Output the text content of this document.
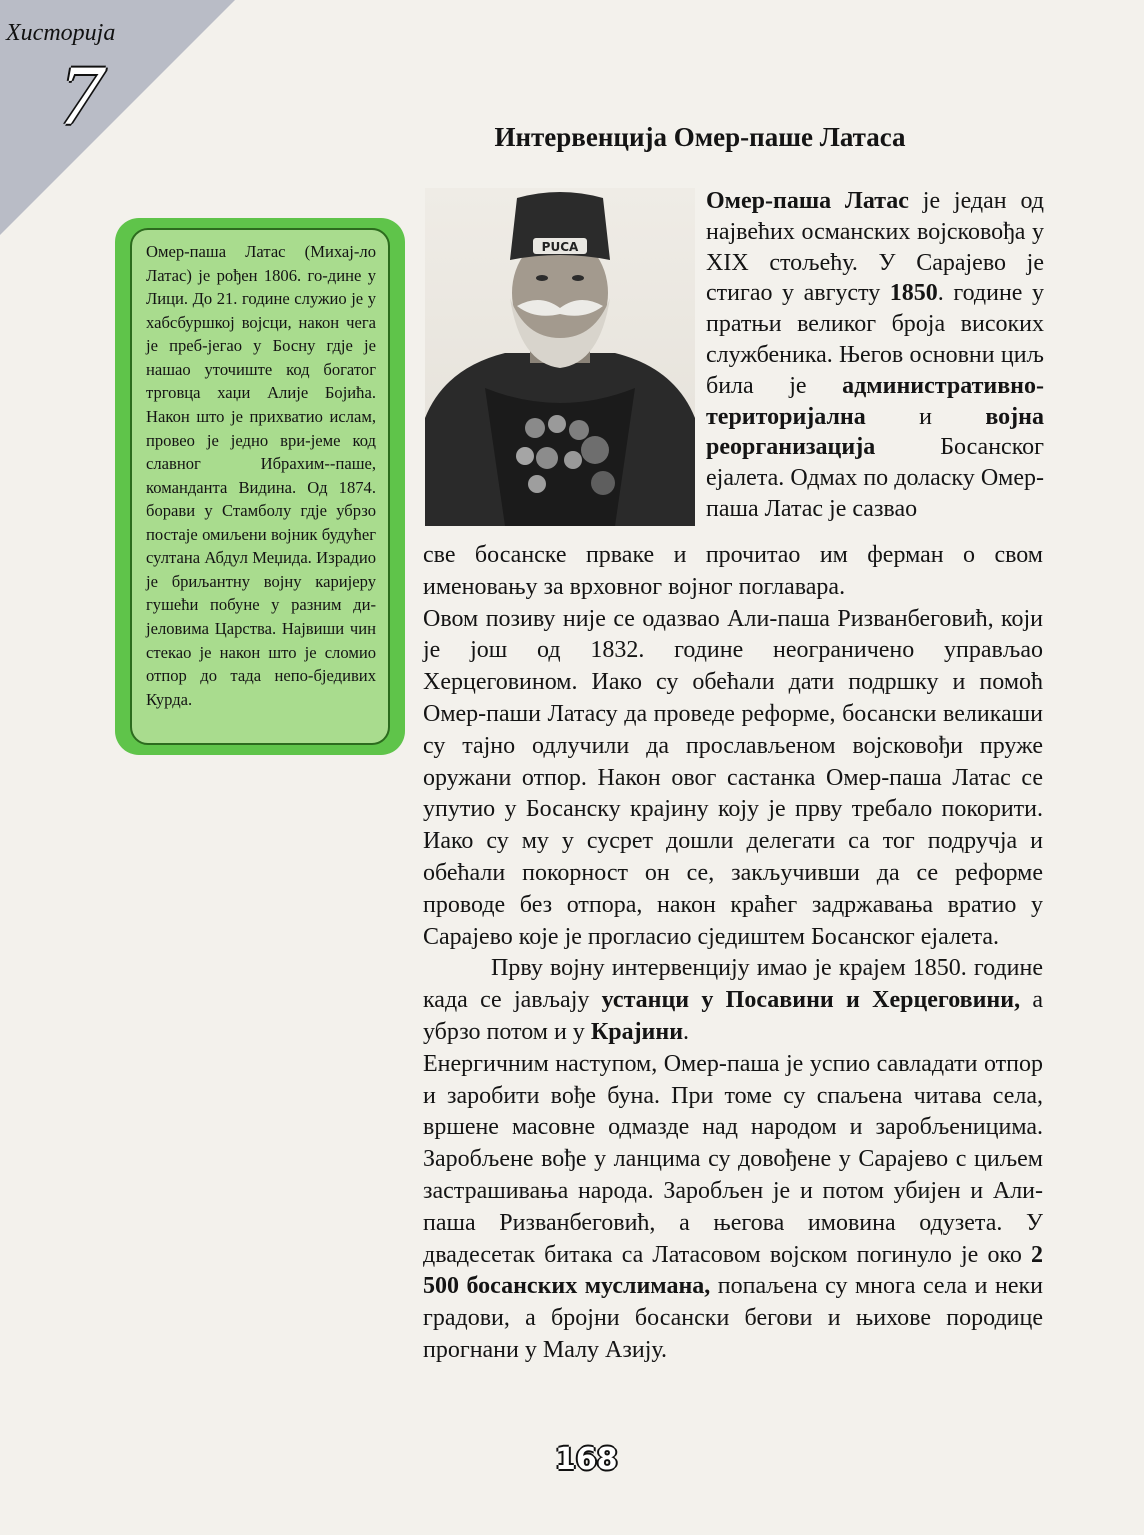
Хисторија
7	Интервенција Омер-паше Латаса

Омер-паша Латас (Михај-ло Латас) је рођен 1806. го-дине у Лици. До 21. године служио је у хабсбуршкој војсци, након чега је преб-јегао у Босну гдје је нашао уточиште код богатог трговца хаџи Алије Бојића. Након што је прихватио ислам, провео је једно ври-јеме код славног Ибрахим--паше, команданта Видина. Од 1874. борави у Стамболу гдје убрзо постаје омиљени војник будућег султана Абдул Меџида. Израдио је бриљантну војну каријеру гушећи побуне у разним ди-јеловима Царства. Највиши чин стекао је након што је сломио отпор до тада непо-бједивих Курда.

PUCA

Омер-паша Латас је један од највећих османских војсковођа у XIX стољећу. У Сарајево је стигао у августу 1850. године у пратњи великог броја високих службеника. Његов основни циљ била је административно-територијална и војна реорганизација Босанског ејалета. Одмах по доласку Омер-паша Латас је сазвао

све босанске прваке и прочитао им ферман о свом именовању за врховног војног поглавара.

Овом позиву није се одазвао Али-паша Ризванбеговић, који је још од 1832. године неограничено управљао Херцеговином. Иако су обећали дати подршку и помоћ Омер-паши Латасу да проведе реформе, босански великаши су тајно одлучили да прослављеном војсковођи пруже оружани отпор. Након овог састанка Омер-паша Латас се упутио у Босанску крајину коју је прву требало покорити. Иако су му у сусрет дошли делегати са тог подручја и обећали покорност он се, закључивши да се реформе проводе без отпора, након краћег задржавања вратио у Сарајево које је прогласио сједиштем Босанског ејалета.

Прву војну интервенцију имао је крајем 1850. године када се јављају устанци у Посавини и Херцеговини, а убрзо потом и у Крајини.

Енергичним наступом, Омер-паша је успио савладати отпор и заробити вође буна. При томе су спаљена читава села, вршене масовне одмазде над народом и заробљеницима. Заробљене вође у ланцима су довођене у Сарајево с циљем застрашивања народа. Заробљен је и потом убијен и Али-паша Ризванбеговић, а његова имовина одузета. У двадесетак битака са Латасовом војском погинуло је око 2 500 босанских муслимана, попаљена су многа села и неки градови, а бројни босански бегови и њихове породице прогнани у Малу Азију.

168
